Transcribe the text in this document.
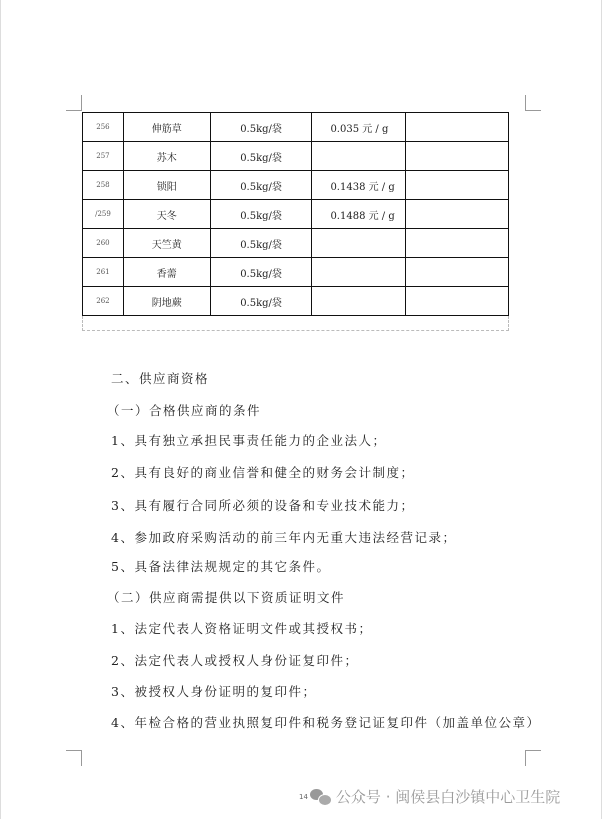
256	伸筋草	0.5kg/袋	0.035 元 / g	
257	苏木	0.5kg/袋		
258	锁阳	0.5kg/袋	0.1438 元 / g	
/259	天冬	0.5kg/袋	0.1488 元 / g	
260	天竺黄	0.5kg/袋		
261	香薷	0.5kg/袋		
262	阴地蕨	0.5kg/袋		
二、供应商资格
（一）合格供应商的条件
1、具有独立承担民事责任能力的企业法人；
2、具有良好的商业信誉和健全的财务会计制度；
3、具有履行合同所必须的设备和专业技术能力；
4、参加政府采购活动的前三年内无重大违法经营记录；
5、具备法律法规规定的其它条件。
（二）供应商需提供以下资质证明文件
1、法定代表人资格证明文件或其授权书；
2、法定代表人或授权人身份证复印件；
3、被授权人身份证明的复印件；
4、年检合格的营业执照复印件和税务登记证复印件（加盖单位公章）
14 公众号 · 闽侯县白沙镇中心卫生院
